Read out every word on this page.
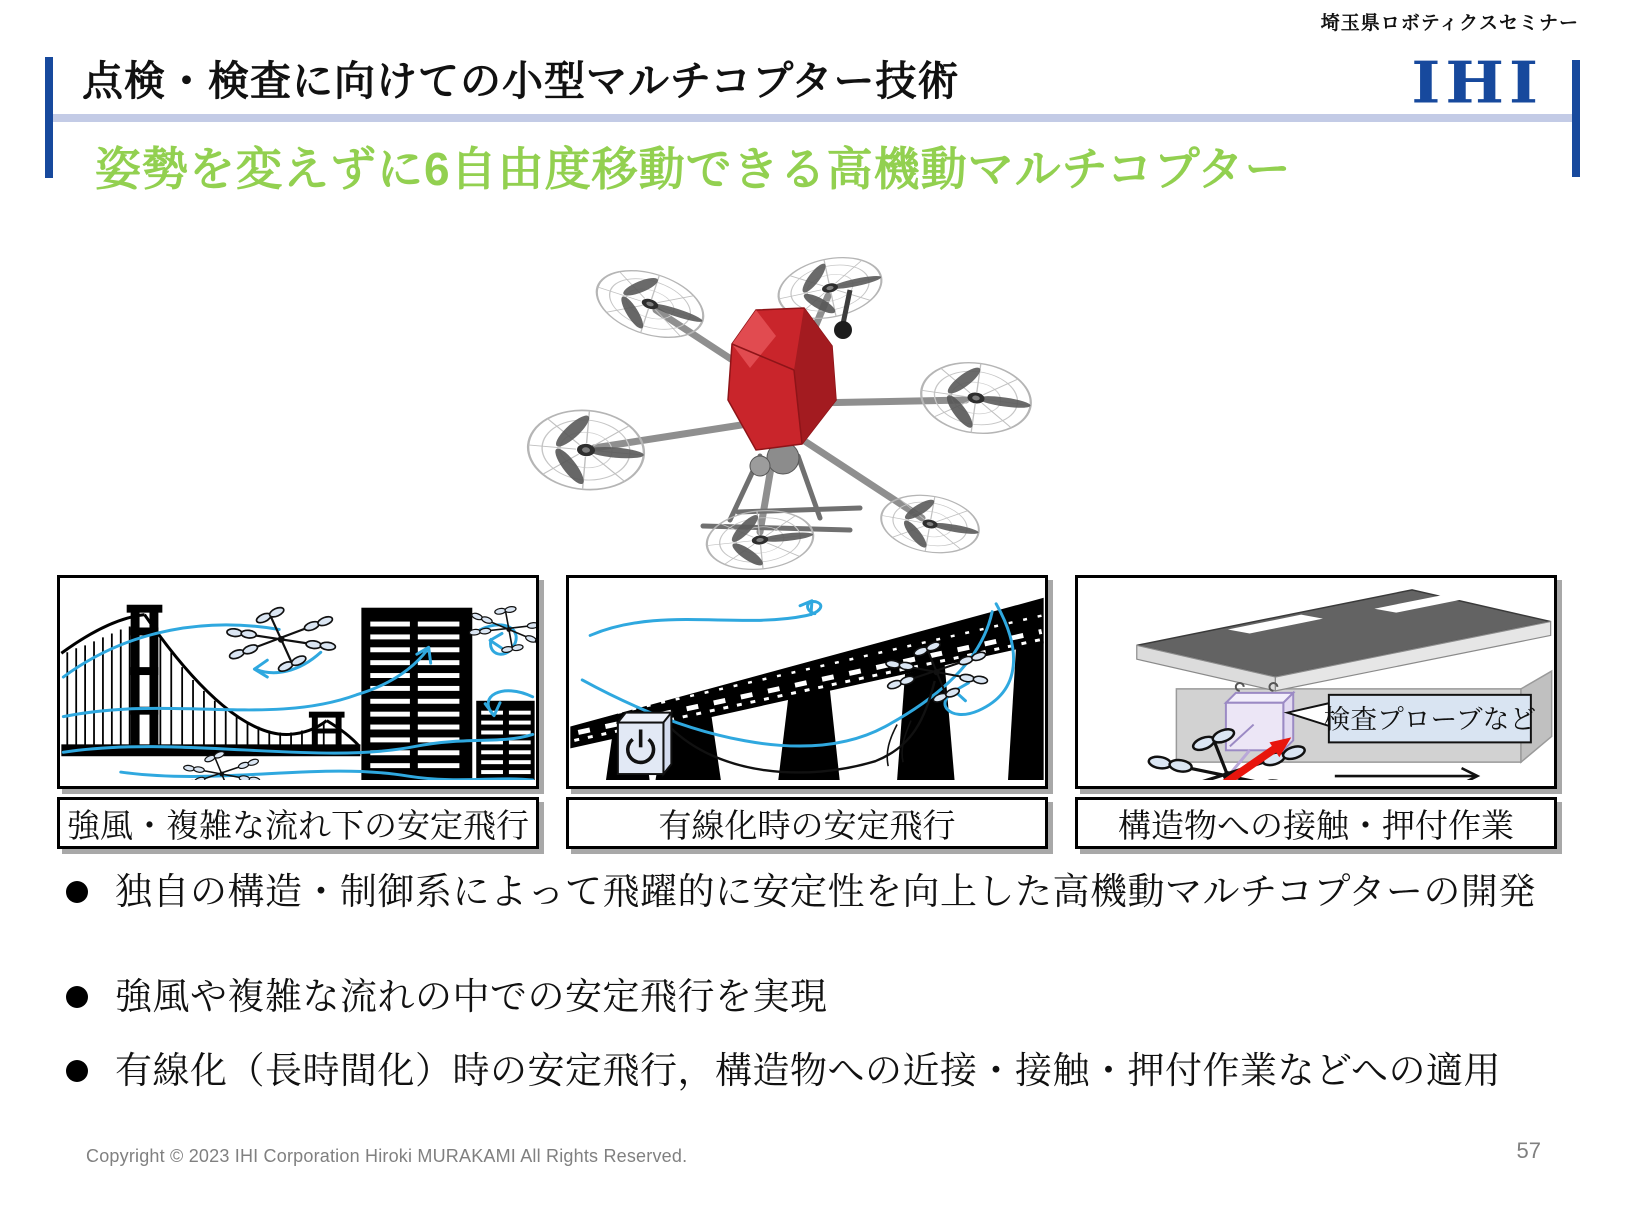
埼玉県ロボティクスセミナー
点検・検査に向けての小型マルチコプター技術	IHI
姿勢を変えずに6自由度移動できる高機動マルチコプター
強風・複雑な流れ下の安定飛行	有線化時の安定飛行
検査プローブなど
構造物への接触・押付作業
独自の構造・制御系によって飛躍的に安定性を向上した高機動マルチコプターの開発
強風や複雑な流れの中での安定飛行を実現
有線化（長時間化）時の安定飛行，構造物への近接・接触・押付作業などへの適用
Copyright © 2023 IHI Corporation Hiroki MURAKAMI All Rights Reserved.	57
